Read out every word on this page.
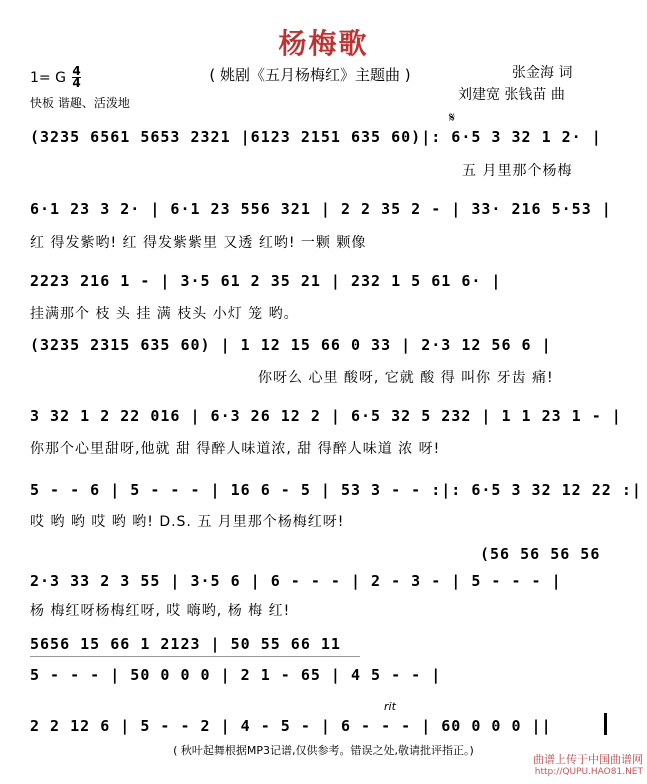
杨梅歌
( 姚剧《五月杨梅红》主题曲 )	张金海 词
刘建宽 张钱苗 曲
1= G 4
4
快板 谐趣、活泼地
(3235 6561 5653 2321 |6123 2151 635 60)|: 6·5 3 32 1 2· |
五 月里那个杨梅
𝄋
6·1 23 3 2· | 6·1 23 556 321 | 2 2 35 2 - | 33· 216 5·53 |
红 得发紫哟! 红 得发紫紫里 又透 红哟! 一颗 颗像
2223 216 1 - | 3·5 61 2 35 21 | 232 1 5 61 6· |
挂满那个 枝 头 挂 满 枝头 小灯 笼 哟。
(3235 2315 635 60) | 1 12 15 66 0 33 | 2·3 12 56 6 |
你呀么 心里 酸呀, 它就 酸 得 叫你 牙齿 痛!
3 32 1 2 22 016 | 6·3 26 12 2 | 6·5 32 5 232 | 1 1 23 1 - |
你那个心里甜呀,他就 甜 得醉人味道浓, 甜 得醉人味道 浓 呀!
5 - - 6 | 5 - - - | 16 6 - 5 | 53 3 - - :|: 6·5 3 32 12 22 :|
哎 哟 哟 哎 哟 哟! D.S. 五 月里那个杨梅红呀!
(56 56 56 56
2·3 33 2 3 55 | 3·5 6 | 6 - - - | 2 - 3 - | 5 - - - |
杨 梅红呀杨梅红呀, 哎 嗨哟, 杨 梅 红!
5656 15 66 1 2123 | 50 55 66 11
5 - - - | 50 0 0 0 | 2 1 - 65 | 4 5 - - |
rit
2 2 12 6 | 5 - - 2 | 4 - 5 - | 6 - - - | 60 0 0 0 ||
( 秋叶起舞根据MP3记谱,仅供参考。错误之处,敬请批评指正。)
曲谱上传于中国曲谱网
http://QUPU.HAO81.NET
